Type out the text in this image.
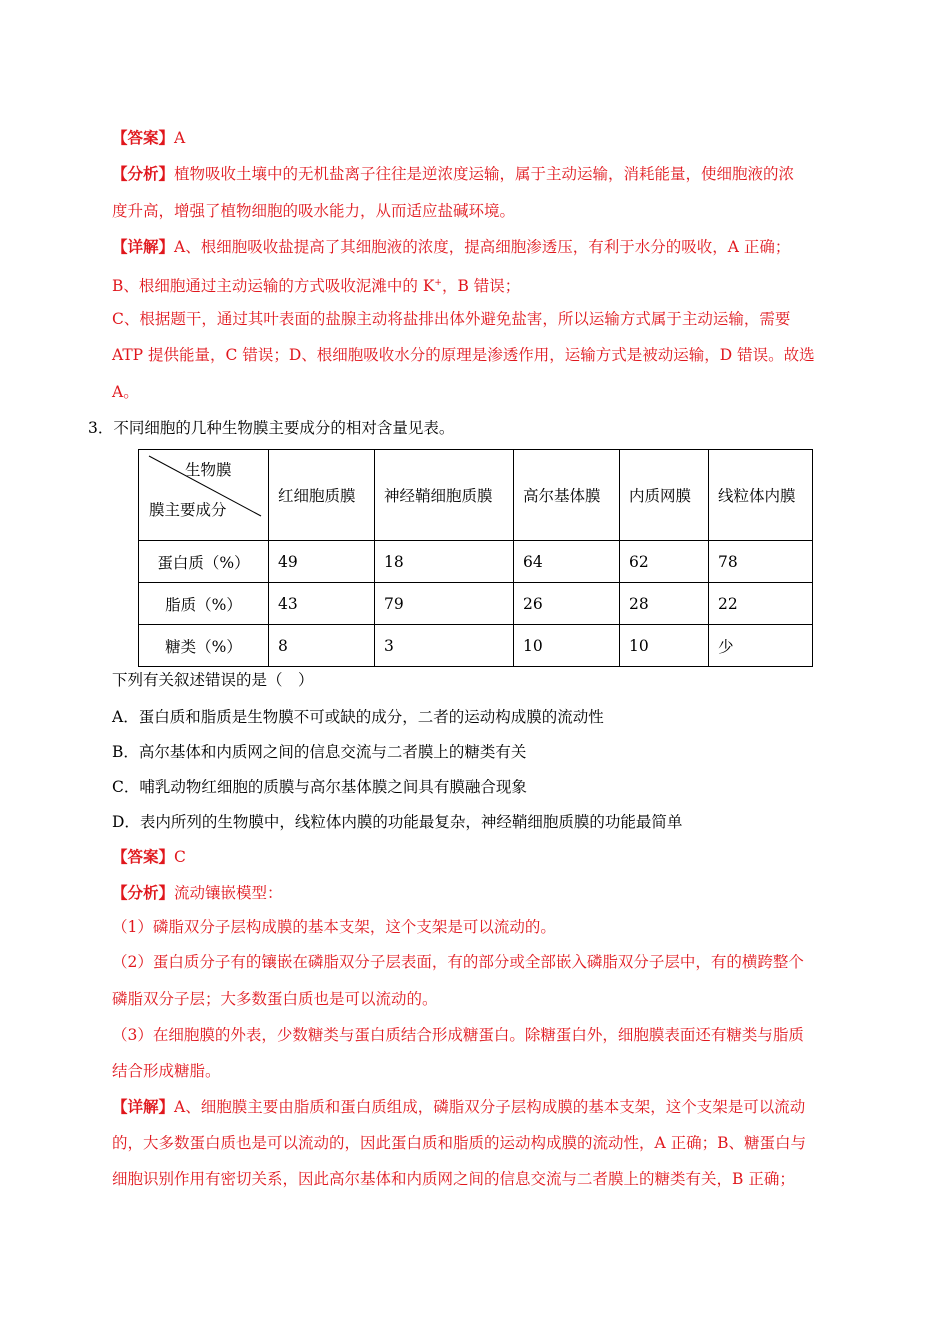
【答案】A
【分析】植物吸收土壤中的无机盐离子往往是逆浓度运输，属于主动运输，消耗能量，使细胞液的浓
度升高，增强了植物细胞的吸水能力，从而适应盐碱环境。
【详解】A、根细胞吸收盐提高了其细胞液的浓度，提高细胞渗透压，有利于水分的吸收，A 正确；
B、根细胞通过主动运输的方式吸收泥滩中的 K+，B 错误；
C、根据题干，通过其叶表面的盐腺主动将盐排出体外避免盐害，所以运输方式属于主动运输，需要
ATP 提供能量，C 错误；D、根细胞吸收水分的原理是渗透作用，运输方式是被动运输，D 错误。故选
A。
3．不同细胞的几种生物膜主要成分的相对含量见表。
生物膜
膜主要成分	红细胞质膜	神经鞘细胞质膜	高尔基体膜	内质网膜	线粒体内膜
蛋白质（%）	49	18	64	62	78
脂质（%）	43	79	26	28	22
糖类（%）	8	3	10	10	少
下列有关叙述错误的是（　）
A．蛋白质和脂质是生物膜不可或缺的成分，二者的运动构成膜的流动性
B．高尔基体和内质网之间的信息交流与二者膜上的糖类有关
C．哺乳动物红细胞的质膜与高尔基体膜之间具有膜融合现象
D．表内所列的生物膜中，线粒体内膜的功能最复杂，神经鞘细胞质膜的功能最简单
【答案】C
【分析】流动镶嵌模型：
（1）磷脂双分子层构成膜的基本支架，这个支架是可以流动的。
（2）蛋白质分子有的镶嵌在磷脂双分子层表面，有的部分或全部嵌入磷脂双分子层中，有的横跨整个
磷脂双分子层；大多数蛋白质也是可以流动的。
（3）在细胞膜的外表，少数糖类与蛋白质结合形成糖蛋白。除糖蛋白外，细胞膜表面还有糖类与脂质
结合形成糖脂。
【详解】A、细胞膜主要由脂质和蛋白质组成，磷脂双分子层构成膜的基本支架，这个支架是可以流动
的，大多数蛋白质也是可以流动的，因此蛋白质和脂质的运动构成膜的流动性，A 正确；B、糖蛋白与
细胞识别作用有密切关系，因此高尔基体和内质网之间的信息交流与二者膜上的糖类有关，B 正确；
